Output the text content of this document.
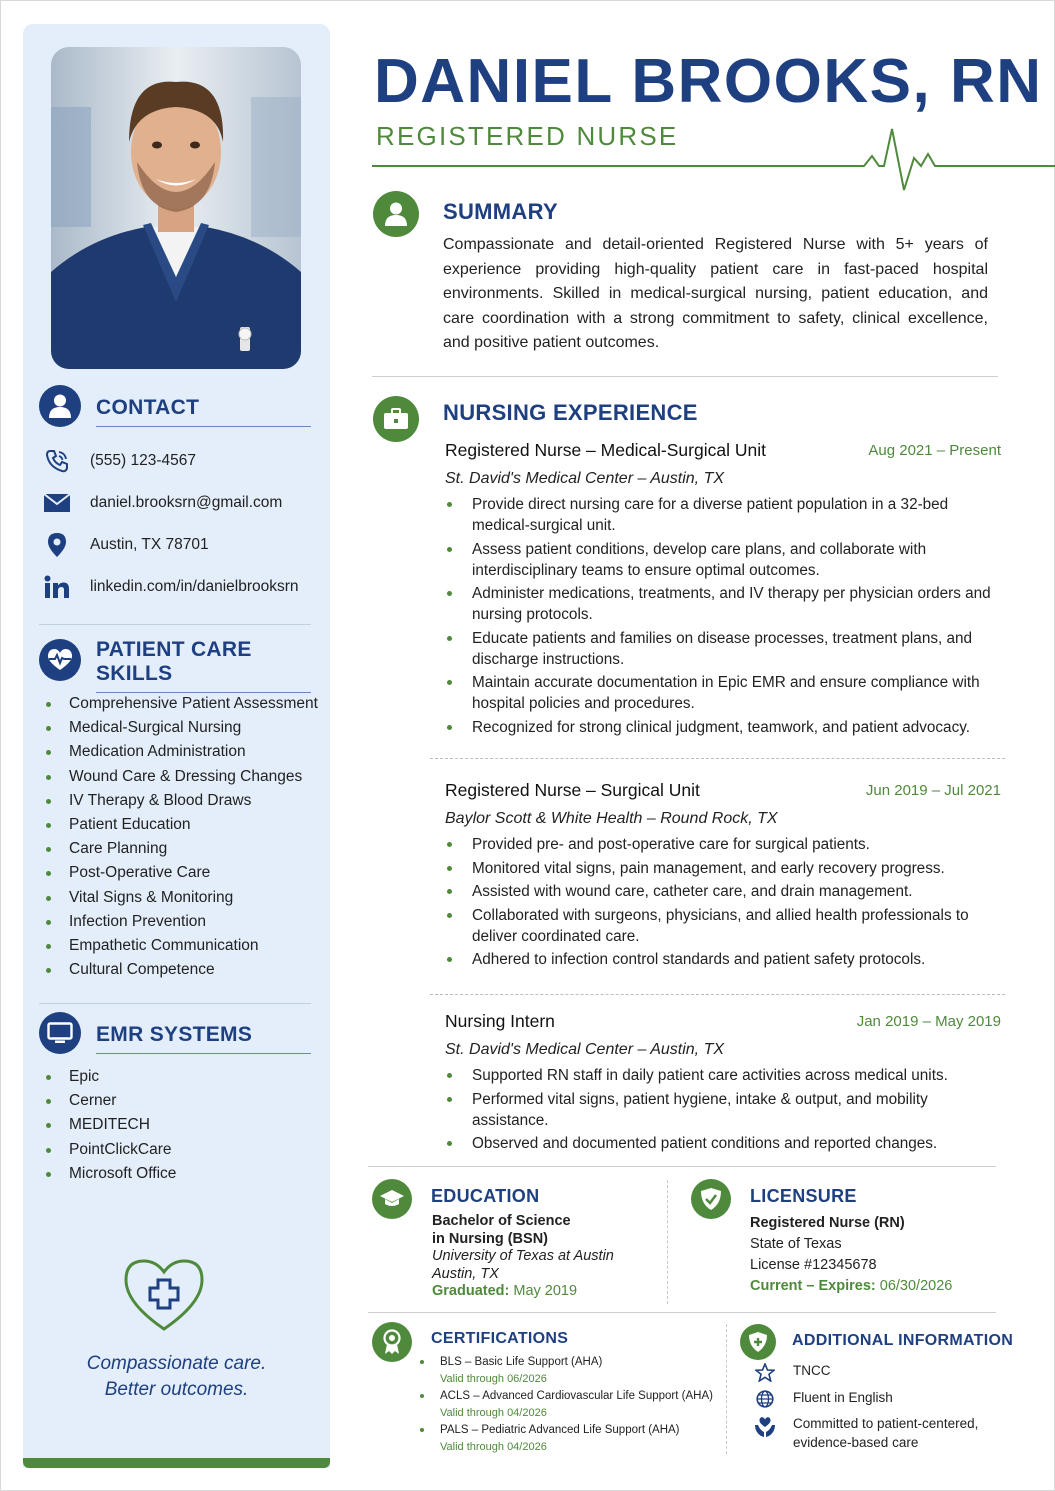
CONTACT
(555) 123-4567
daniel.brooksrn@gmail.com
Austin, TX 78701
linkedin.com/in/danielbrooksrn
PATIENT CARE SKILLS
Comprehensive Patient Assessment
Medical-Surgical Nursing
Medication Administration
Wound Care & Dressing Changes
IV Therapy & Blood Draws
Patient Education
Care Planning
Post-Operative Care
Vital Signs & Monitoring
Infection Prevention
Empathetic Communication
Cultural Competence
EMR SYSTEMS
Epic
Cerner
MEDITECH
PointClickCare
Microsoft Office
Compassionate care.
Better outcomes.
DANIEL BROOKS, RN
REGISTERED NURSE
SUMMARY
Compassionate and detail-oriented Registered Nurse with 5+ years of experience providing high-quality patient care in fast-paced hospital environments. Skilled in medical-surgical nursing, patient education, and care coordination with a strong commitment to safety, clinical excellence, and positive patient outcomes.
NURSING EXPERIENCE
Registered Nurse – Medical-Surgical Unit	Aug 2021 – Present
St. David's Medical Center – Austin, TX
Provide direct nursing care for a diverse patient population in a 32-bed medical-surgical unit.
Assess patient conditions, develop care plans, and collaborate with interdisciplinary teams to ensure optimal outcomes.
Administer medications, treatments, and IV therapy per physician orders and nursing protocols.
Educate patients and families on disease processes, treatment plans, and discharge instructions.
Maintain accurate documentation in Epic EMR and ensure compliance with hospital policies and procedures.
Recognized for strong clinical judgment, teamwork, and patient advocacy.
Registered Nurse – Surgical Unit	Jun 2019 – Jul 2021
Baylor Scott & White Health – Round Rock, TX
Provided pre- and post-operative care for surgical patients.
Monitored vital signs, pain management, and early recovery progress.
Assisted with wound care, catheter care, and drain management.
Collaborated with surgeons, physicians, and allied health professionals to deliver coordinated care.
Adhered to infection control standards and patient safety protocols.
Nursing Intern	Jan 2019 – May 2019
St. David's Medical Center – Austin, TX
Supported RN staff in daily patient care activities across medical units.
Performed vital signs, patient hygiene, intake & output, and mobility assistance.
Observed and documented patient conditions and reported changes.
EDUCATION
Bachelor of Science
in Nursing (BSN)
University of Texas at Austin
Austin, TX
Graduated: May 2019
LICENSURE
Registered Nurse (RN)
State of Texas
License #12345678
Current – Expires: 06/30/2026
CERTIFICATIONS
BLS – Basic Life Support (AHA)
Valid through 06/2026
ACLS – Advanced Cardiovascular Life Support (AHA)
Valid through 04/2026
PALS – Pediatric Advanced Life Support (AHA)
Valid through 04/2026
ADDITIONAL INFORMATION
TNCC
Fluent in English
Committed to patient-centered, evidence-based care
